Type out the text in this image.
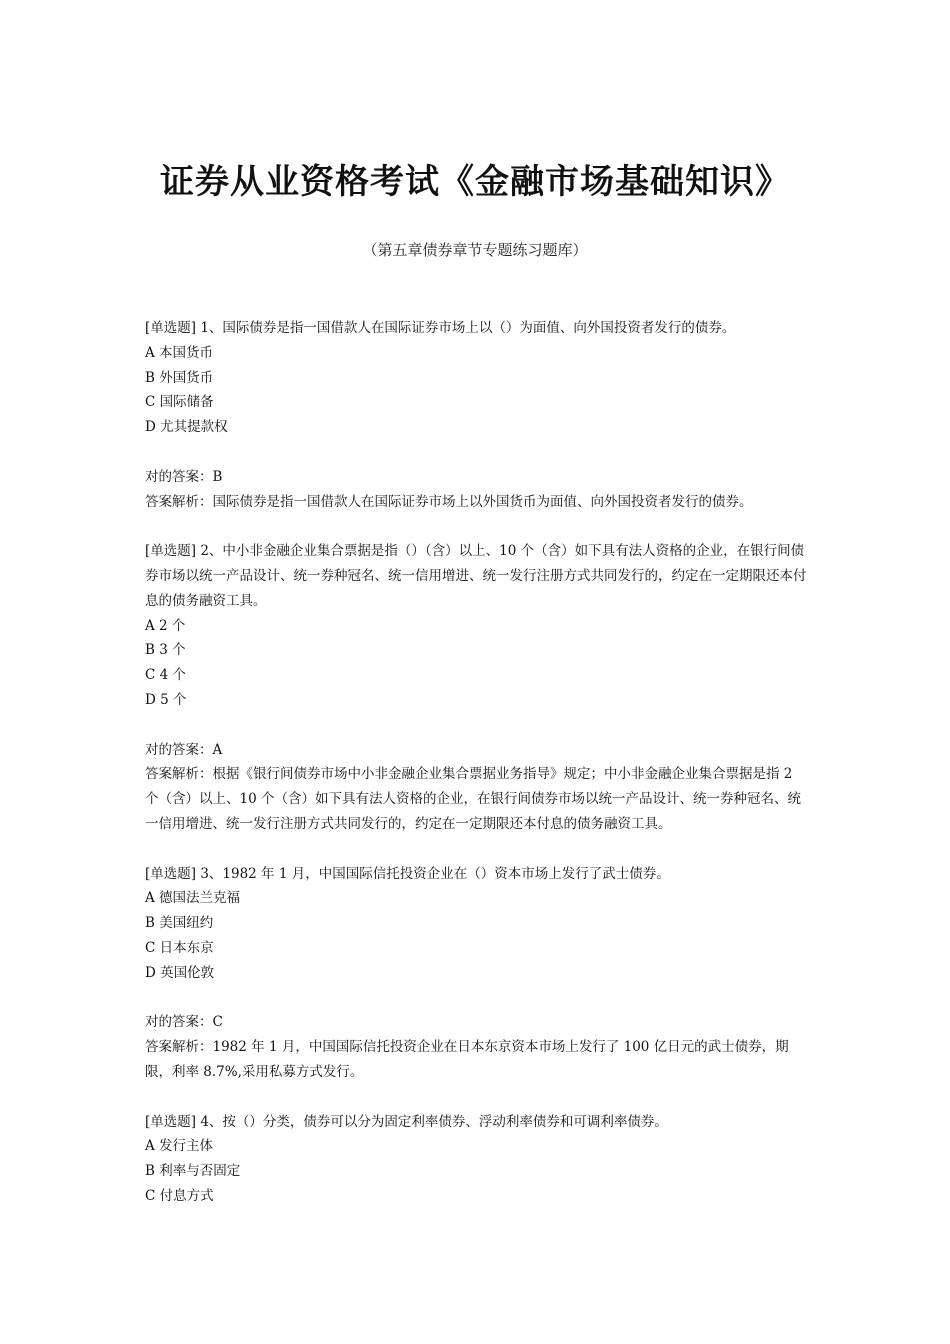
证券从业资格考试《金融市场基础知识》
（第五章债券章节专题练习题库）

[单选题] 1、国际债券是指一国借款人在国际证券市场上以（）为面值、向外国投资者发行的债券。

A 本国货币

B 外国货币

C 国际储备

D 尤其提款权

对的答案：B

答案解析：国际债券是指一国借款人在国际证券市场上以外国货币为面值、向外国投资者发行的债券。

[单选题] 2、中小非金融企业集合票据是指（）（含）以上、10 个（含）如下具有法人资格的企业，在银行间债券市场以统一产品设计、统一券种冠名、统一信用增进、统一发行注册方式共同发行的，约定在一定期限还本付息的债务融资工具。

A 2 个

B 3 个

C 4 个

D 5 个

对的答案：A

答案解析：根据《银行间债券市场中小非金融企业集合票据业务指导》规定；中小非金融企业集合票据是指 2 个（含）以上、10 个（含）如下具有法人资格的企业，在银行间债券市场以统一产品设计、统一券种冠名、统一信用增进、统一发行注册方式共同发行的，约定在一定期限还本付息的债务融资工具。

[单选题] 3、1982 年 1 月，中国国际信托投资企业在（）资本市场上发行了武士债券。

A 德国法兰克福

B 美国纽约

C 日本东京

D 英国伦敦

对的答案：C

答案解析：1982 年 1 月，中国国际信托投资企业在日本东京资本市场上发行了 100 亿日元的武士债券，期限，利率 8.7%,采用私募方式发行。

[单选题] 4、按（）分类，债券可以分为固定利率债券、浮动利率债券和可调利率债券。

A 发行主体

B 利率与否固定

C 付息方式
